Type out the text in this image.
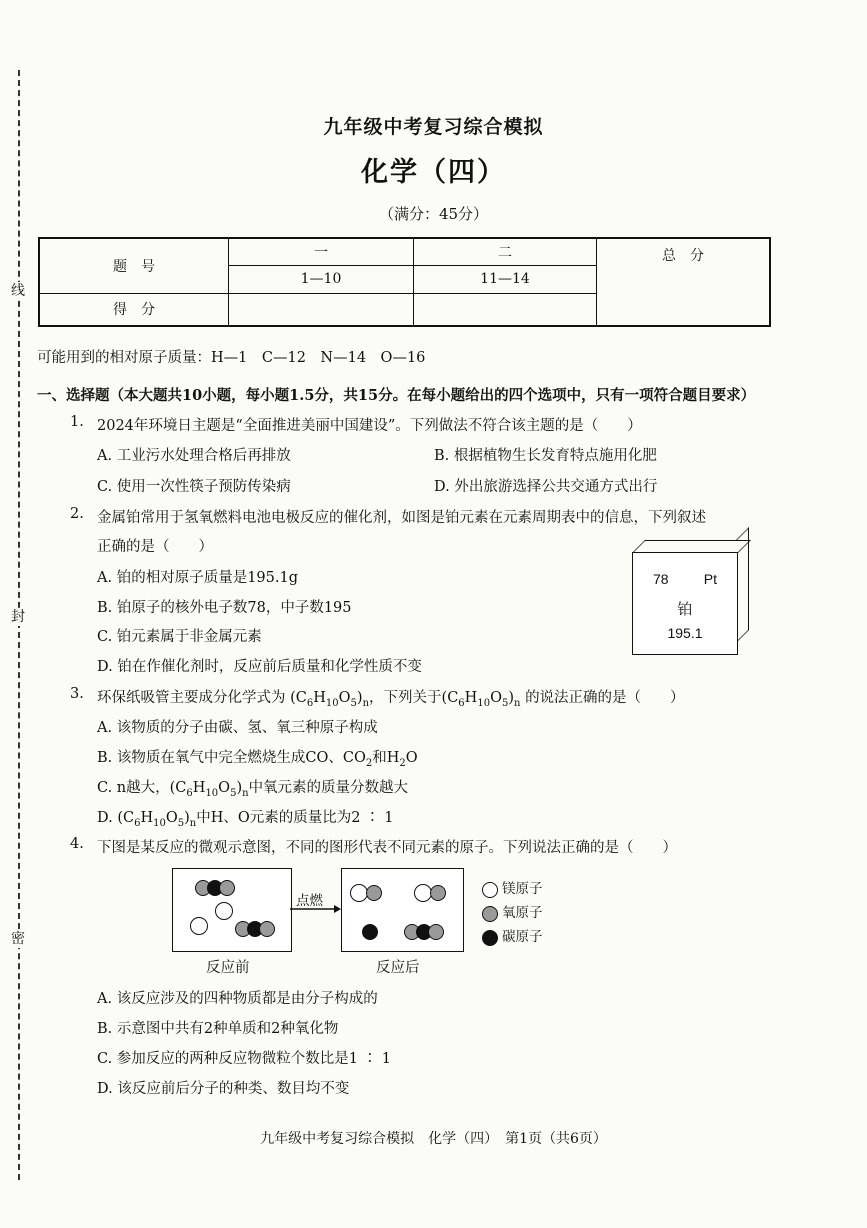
线
封
密
九年级中考复习综合模拟
化学（四）
（满分：45分）
题　号	一	二	总　分
	1—10	11—14	
得　分			
可能用到的相对原子质量：H—1　C—12　N—14　O—16
一、选择题（本大题共10小题，每小题1.5分，共15分。在每小题给出的四个选项中，只有一项符合题目要求）
1. 2024年环境日主题是“全面推进美丽中国建设”。下列做法不符合该主题的是（　　）
A. 工业污水处理合格后再排放	B. 根据植物生长发育特点施用化肥
C. 使用一次性筷子预防传染病	D. 外出旅游选择公共交通方式出行
2. 金属铂常用于氢氧燃料电池电极反应的催化剂，如图是铂元素在元素周期表中的信息，下列叙述
正确的是（　　）
A. 铂的相对原子质量是195.1g
B. 铂原子的核外电子数78，中子数195
C. 铂元素属于非金属元素
D. 铂在作催化剂时，反应前后质量和化学性质不变
78	Pt
铂
195.1
3. 环保纸吸管主要成分化学式为 $(C_6H_{10}O_5)_n$，下列关于$(C_6H_{10}O_5)_n$ 的说法正确的是（　　）
A. 该物质的分子由碳、氢、氧三种原子构成
B. 该物质在氧气中完全燃烧生成CO、$CO_2$和$H_2O$
C. n越大，$(C_6H_{10}O_5)_n$中氧元素的质量分数越大
D. $(C_6H_{10}O_5)_n$中H、O元素的质量比为2 ∶ 1
4. 下图是某反应的微观示意图，不同的图形代表不同元素的原子。下列说法正确的是（　　）
点燃
反应前	反应后
镁原子
氧原子
碳原子
A. 该反应涉及的四种物质都是由分子构成的
B. 示意图中共有2种单质和2种氧化物
C. 参加反应的两种反应物微粒个数比是1 ∶ 1
D. 该反应前后分子的种类、数目均不变
九年级中考复习综合模拟　化学（四）　第1页（共6页）
